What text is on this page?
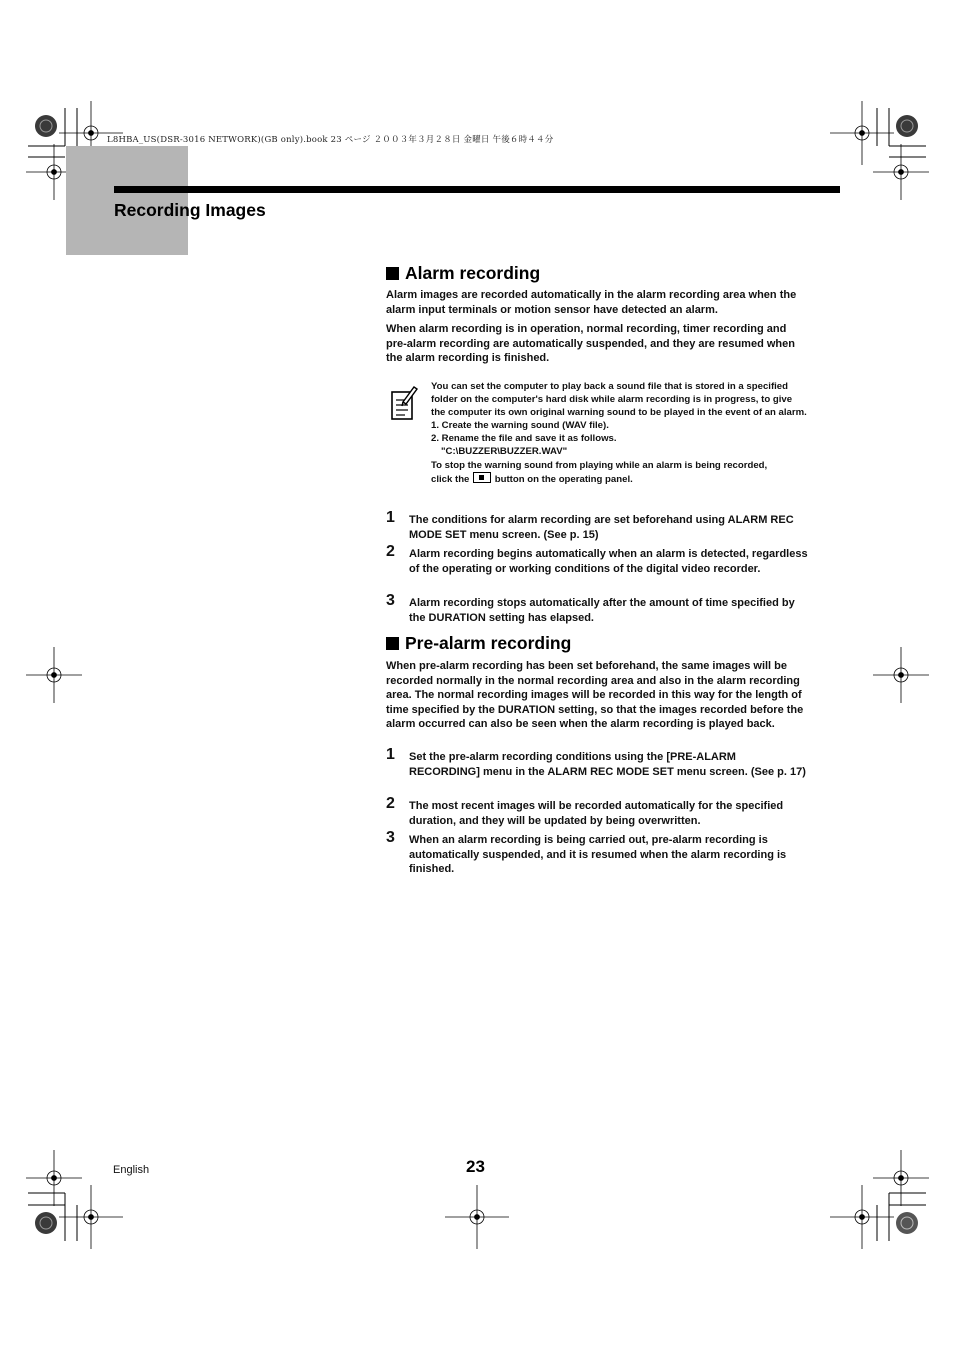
L8HBA_US(DSR-3016 NETWORK)(GB only).book 23 ページ ２００３年３月２８日 金曜日 午後６時４４分
Recording Images
Alarm recording

Alarm images are recorded automatically in the alarm recording area when the alarm input terminals or motion sensor have detected an alarm.

When alarm recording is in operation, normal recording, timer recording and pre-alarm recording are automatically suspended, and they are resumed when the alarm recording is finished.

You can set the computer to play back a sound file that is stored in a specified folder on the computer's hard disk while alarm recording is in progress, to give the computer its own original warning sound to be played in the event of an alarm.
1. Create the warning sound (WAV file).
2. Rename the file and save it as follows.
"C:\BUZZER\BUZZER.WAV"
To stop the warning sound from playing while an alarm is being recorded,
click the	button on the operating panel.
1 The conditions for alarm recording are set beforehand using ALARM REC MODE SET menu screen. (See p. 15)
2 Alarm recording begins automatically when an alarm is detected, regardless of the operating or working conditions of the digital video recorder.
3 Alarm recording stops automatically after the amount of time specified by the DURATION setting has elapsed.
Pre-alarm recording

When pre-alarm recording has been set beforehand, the same images will be recorded normally in the normal recording area and also in the alarm recording area. The normal recording images will be recorded in this way for the length of time specified by the DURATION setting, so that the images recorded before the alarm occurred can also be seen when the alarm recording is played back.

1 Set the pre-alarm recording conditions using the [PRE-ALARM RECORDING] menu in the ALARM REC MODE SET menu screen. (See p. 17)
2 The most recent images will be recorded automatically for the specified duration, and they will be updated by being overwritten.
3 When an alarm recording is being carried out, pre-alarm recording is automatically suspended, and it is resumed when the alarm recording is finished.
English	23
